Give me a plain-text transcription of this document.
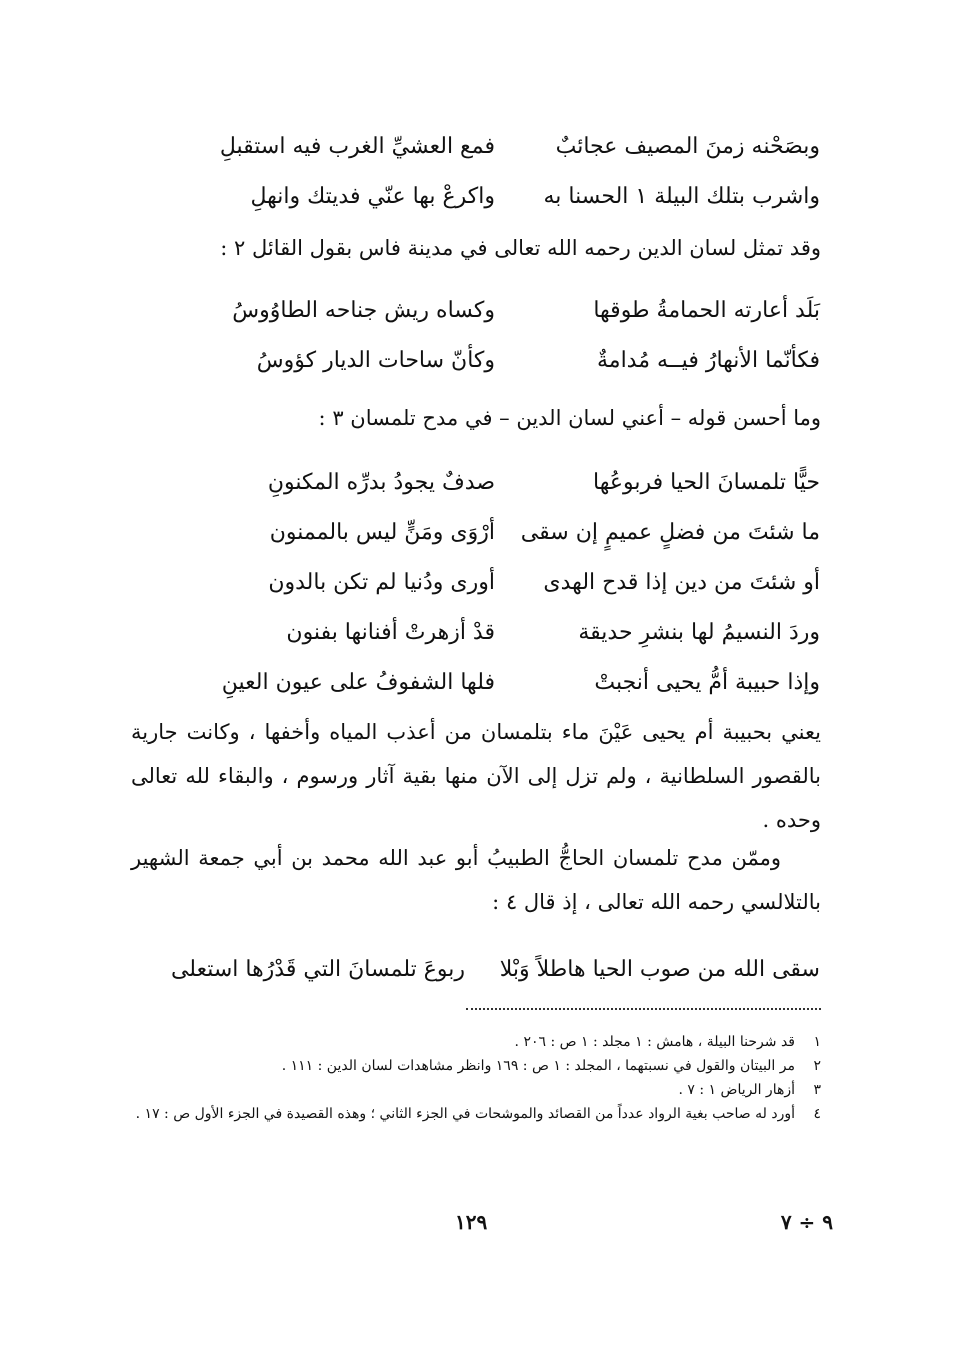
وبصَحْنه زمنَ المصيف عجائبٌ
فمع العشيِّ الغرب فيه استقبلِ
واشرب بتلك البيلة ١ الحسنا به
واكرعْ بها عنّي فديتك وانهلِ
وقد تمثل لسان الدين رحمه الله تعالى في مدينة فاس بقول القائل ٢ :
بَلَد أعارته الحمامةُ طوقها
وكساه ريش جناحه الطاوُوسُ
فكأنّما الأنهارُ فيــه مُدامةٌ
وكأنّ ساحات الديار كؤوسُ
وما أحسن قوله – أعني لسان الدين – في مدح تلمسان ٣ :
حيًّا تلمسانَ الحيا فربوعُها
صدفٌ يجودُ بدرِّه المكنونِ
ما شئتَ من فضلٍ عميمٍ إن سقى
أرْوَى ومَنٍّ ليس بالممنون
أو شئتَ من دين إذا قدح الهدى
أورى ودُنيا لم تكن بالدون
وردَ النسيمُ لها بنشرِ حديقة
قدْ أزهرتْ أفنانها بفنون
وإذا حبيبة أمُّ يحيى أنجبتْ
فلها الشفوفُ على عيون العينِ
يعني بحبيبة أم يحيى عَيْنَ ماء بتلمسان من أعذب المياه وأخفها ، وكانت جارية بالقصور السلطانية ، ولم تزل إلى الآن منها بقية آثار ورسوم ، والبقاء لله تعالى وحده .
وممّن مدح تلمسان الحاجُّ الطبيبُ أبو عبد الله محمد بن أبي جمعة الشهير بالتلالسي رحمه الله تعالى ، إذ قال ٤ :
سقى الله من صوب الحيا هاطلاً وَبْلا
ربوعَ تلمسانَ التي قَدْرُها استعلى
١
قد شرحنا البيلة ، هامش : ١ مجلد : ١ ص : ٢٠٦ .
٢
مر البيتان والقول في نسبتهما ، المجلد : ١ ص : ١٦٩ وانظر مشاهدات لسان الدين : ١١١ .
٣
أزهار الرياض ١ : ٧ .
٤
أورد له صاحب بغية الرواد عدداً من القصائد والموشحات في الجزء الثاني ؛ وهذه القصيدة في الجزء الأول ص : ١٧ .
١٢٩	٩ ÷ ٧
